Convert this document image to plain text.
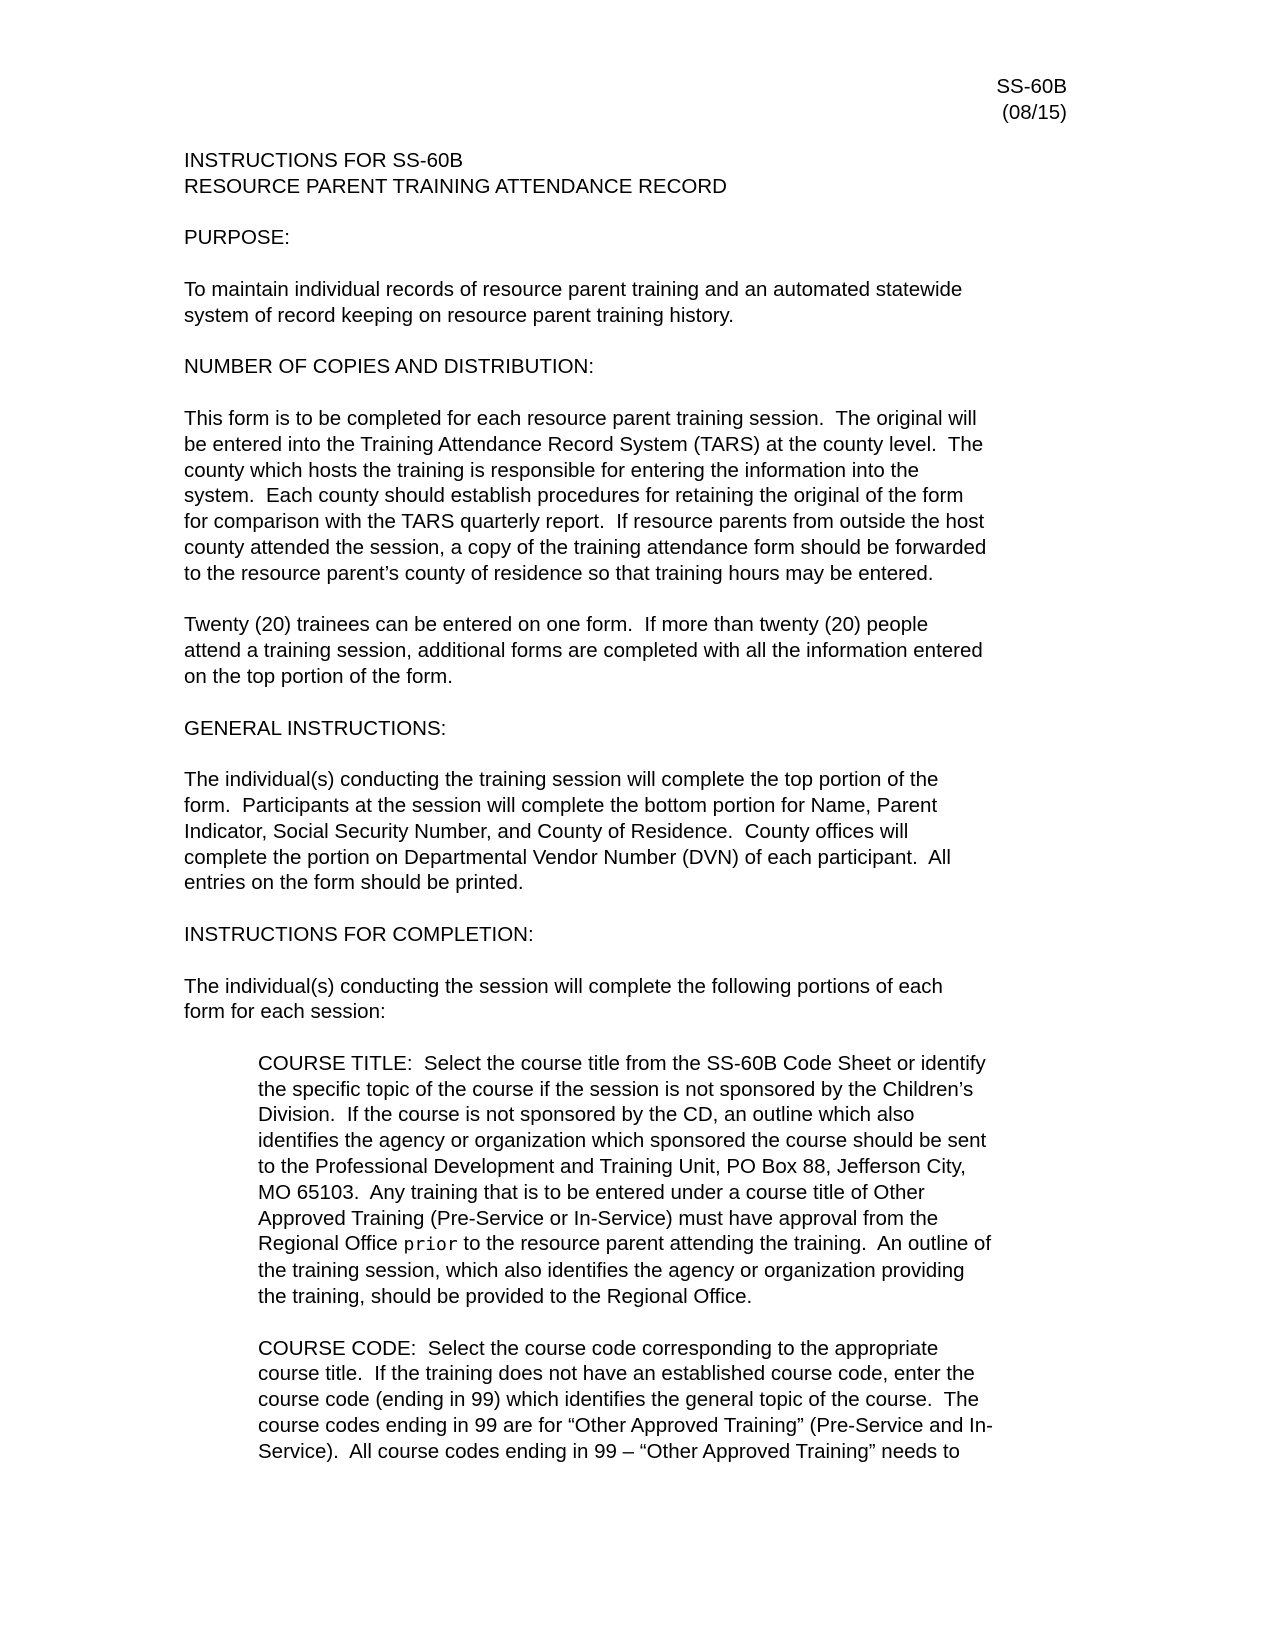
SS-60B
(08/15)
INSTRUCTIONS FOR SS-60B
RESOURCE PARENT TRAINING ATTENDANCE RECORD
PURPOSE:
To maintain individual records of resource parent training and an automated statewide
system of record keeping on resource parent training history.
NUMBER OF COPIES AND DISTRIBUTION:
This form is to be completed for each resource parent training session.  The original will
be entered into the Training Attendance Record System (TARS) at the county level.  The
county which hosts the training is responsible for entering the information into the
system.  Each county should establish procedures for retaining the original of the form
for comparison with the TARS quarterly report.  If resource parents from outside the host
county attended the session, a copy of the training attendance form should be forwarded
to the resource parent’s county of residence so that training hours may be entered.
Twenty (20) trainees can be entered on one form.  If more than twenty (20) people
attend a training session, additional forms are completed with all the information entered
on the top portion of the form.
GENERAL INSTRUCTIONS:
The individual(s) conducting the training session will complete the top portion of the
form.  Participants at the session will complete the bottom portion for Name, Parent
Indicator, Social Security Number, and County of Residence.  County offices will
complete the portion on Departmental Vendor Number (DVN) of each participant.  All
entries on the form should be printed.
INSTRUCTIONS FOR COMPLETION:
The individual(s) conducting the session will complete the following portions of each
form for each session:
COURSE TITLE:  Select the course title from the SS-60B Code Sheet or identify
the specific topic of the course if the session is not sponsored by the Children’s
Division.  If the course is not sponsored by the CD, an outline which also
identifies the agency or organization which sponsored the course should be sent
to the Professional Development and Training Unit, PO Box 88, Jefferson City,
MO 65103.  Any training that is to be entered under a course title of Other
Approved Training (Pre-Service or In-Service) must have approval from the
Regional Office prior to the resource parent attending the training.  An outline of
the training session, which also identifies the agency or organization providing
the training, should be provided to the Regional Office.
COURSE CODE:  Select the course code corresponding to the appropriate
course title.  If the training does not have an established course code, enter the
course code (ending in 99) which identifies the general topic of the course.  The
course codes ending in 99 are for “Other Approved Training” (Pre-Service and In-
Service).  All course codes ending in 99 – “Other Approved Training” needs to
